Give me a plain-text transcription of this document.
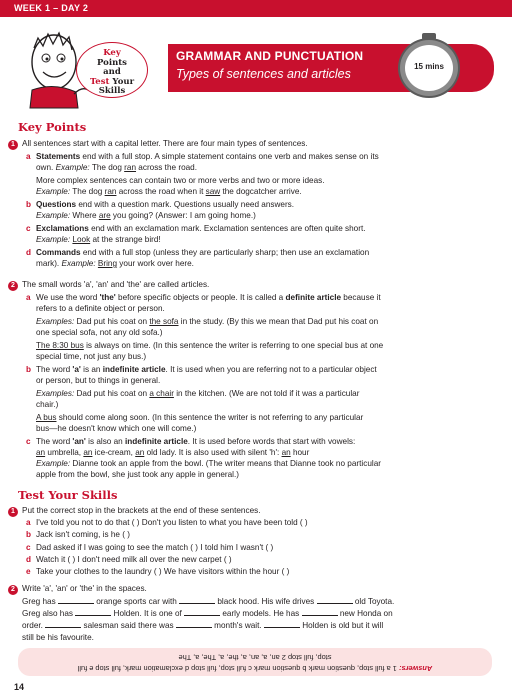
WEEK 1 – DAY 2
Key
Points
and
Test Your
Skills
GRAMMAR AND PUNCTUATION
Types of sentences and articles
15 mins
Key Points
1 All sentences start with a capital letter. There are four main types of sentences.
a Statements end with a full stop. A simple statement contains one verb and makes sense on its
own. Example: The dog ran across the road.
More complex sentences can contain two or more verbs and two or more ideas.
Example: The dog ran across the road when it saw the dogcatcher arrive.
b Questions end with a question mark. Questions usually need answers.
Example: Where are you going? (Answer: I am going home.)
c Exclamations end with an exclamation mark. Exclamation sentences are often quite short.
Example: Look at the strange bird!
d Commands end with a full stop (unless they are particularly sharp; then use an exclamation
mark). Example: Bring your work over here.
2 The small words 'a', 'an' and 'the' are called articles.
a We use the word 'the' before specific objects or people. It is called a definite article because it
refers to a definite object or person.
Examples: Dad put his coat on the sofa in the study. (By this we mean that Dad put his coat on
one special sofa, not any old sofa.)
The 8:30 bus is always on time. (In this sentence the writer is referring to one special bus at one
special time, not just any bus.)
b The word 'a' is an indefinite article. It is used when you are referring not to a particular object
or person, but to things in general.
Examples: Dad put his coat on a chair in the kitchen. (We are not told if it was a particular
chair.)
A bus should come along soon. (In this sentence the writer is not referring to any particular
bus—he doesn't know which one will come.)
c The word 'an' is also an indefinite article. It is used before words that start with vowels:
an umbrella, an ice-cream, an old lady. It is also used with silent 'h': an hour
Example: Dianne took an apple from the bowl. (The writer means that Dianne took no particular
apple from the bowl, she just took any apple in general.)
Test Your Skills
1 Put the correct stop in the brackets at the end of these sentences.
a I've told you not to do that ( ) Don't you listen to what you have been told ( )
b Jack isn't coming, is he ( )
c Dad asked if I was going to see the match ( ) I told him I wasn't ( )
d Watch it ( ) I don't need milk all over the new carpet ( )
e Take your clothes to the laundry ( ) We have visitors within the hour ( )
2 Write 'a', 'an' or 'the' in the spaces.
Greg has	orange sports car with	black hood. His wife drives	old Toyota.
Greg also has	Holden. It is one of	early models. He has	new Honda on
order.	salesman said there was	month's wait.	Holden is old but it will
still be his favourite.
Answers: 1 a full stop, question mark b question mark c full stop, full stop d exclamation mark, full stop e full
stop, full stop 2 an, a, an, a, the, a, The, a, The
14
